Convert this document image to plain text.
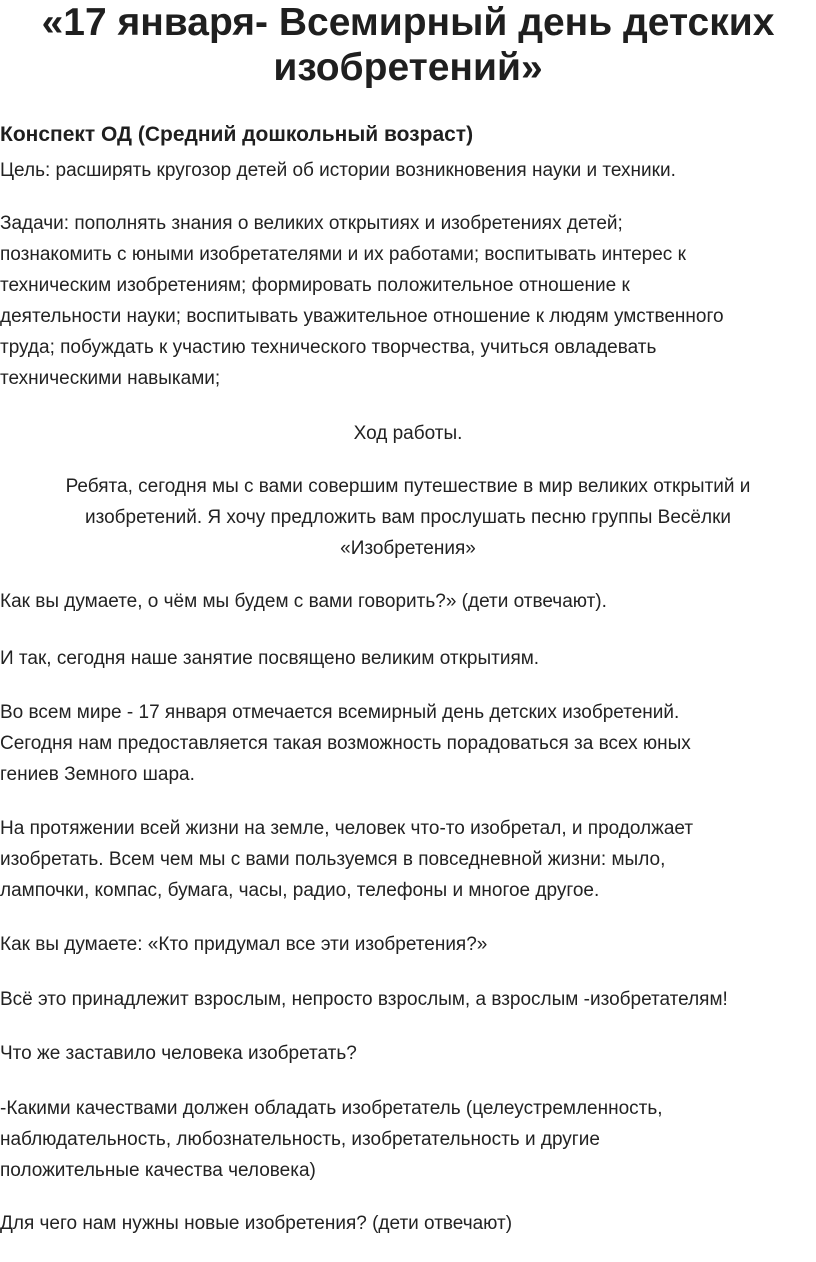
«17 января- Всемирный день детских
изобретений»
Конспект ОД (Средний дошкольный возраст)
Цель: расширять кругозор детей об истории возникновения науки и техники.
Задачи: пополнять знания о великих открытиях и изобретениях детей;
познакомить с юными изобретателями и их работами; воспитывать интерес к
техническим изобретениям; формировать положительное отношение к
деятельности науки; воспитывать уважительное отношение к людям умственного
труда; побуждать к участию технического творчества, учиться овладевать
техническими навыками;
Ход работы.
Ребята, сегодня мы с вами совершим путешествие в мир великих открытий и
изобретений. Я хочу предложить вам прослушать песню группы Весёлки
«Изобретения»
Как вы думаете, о чём мы будем с вами говорить?» (дети отвечают).
И так, сегодня наше занятие посвящено великим открытиям.
Во всем мире - 17 января отмечается всемирный день детских изобретений.
Сегодня нам предоставляется такая возможность порадоваться за всех юных
гениев Земного шара.
На протяжении всей жизни на земле, человек что-то изобретал, и продолжает
изобретать. Всем чем мы с вами пользуемся в повседневной жизни: мыло,
лампочки, компас, бумага, часы, радио, телефоны и многое другое.
Как вы думаете: «Кто придумал все эти изобретения?»
Всё это принадлежит взрослым, непросто взрослым, а взрослым -изобретателям!
Что же заставило человека изобретать?
-Какими качествами должен обладать изобретатель (целеустремленность,
наблюдательность, любознательность, изобретательность и другие
положительные качества человека)
Для чего нам нужны новые изобретения? (дети отвечают)
